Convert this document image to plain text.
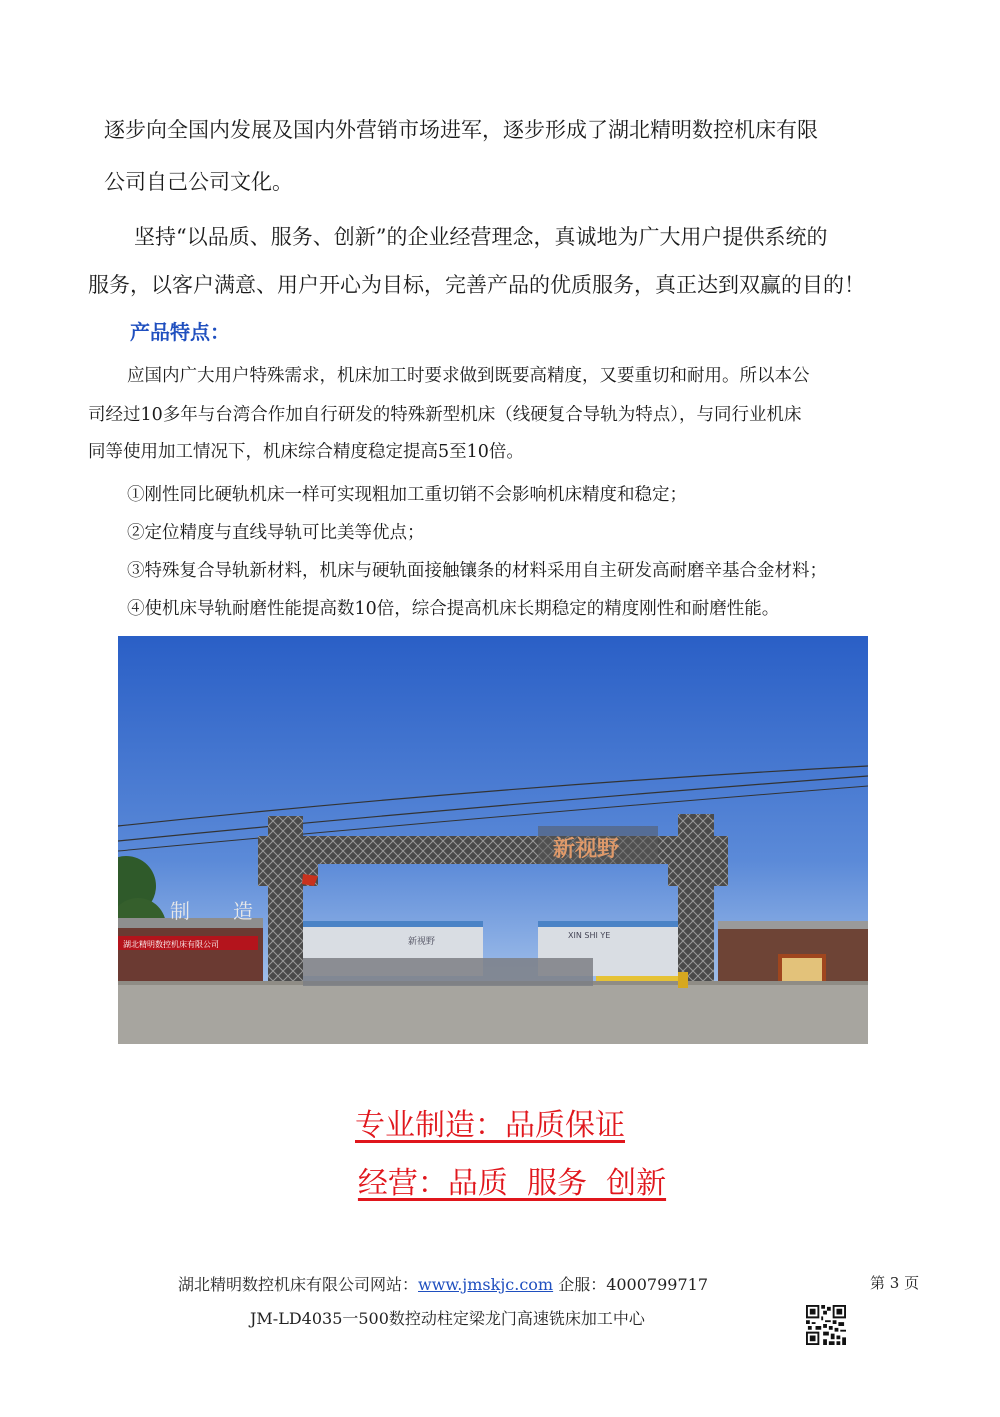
逐步向全国内发展及国内外营销市场进军，逐步形成了湖北精明数控机床有限

公司自己公司文化。

坚持“以品质、服务、创新”的企业经营理念，真诚地为广大用户提供系统的

服务，以客户满意、用户开心为目标，完善产品的优质服务，真正达到双赢的目的！

产品特点：

应国内广大用户特殊需求，机床加工时要求做到既要高精度，又要重切和耐用。所以本公

司经过10多年与台湾合作加自行研发的特殊新型机床（线硬复合导轨为特点），与同行业机床

同等使用加工情况下，机床综合精度稳定提高5至10倍。

①刚性同比硬轨机床一样可实现粗加工重切销不会影响机床精度和稳定；

②定位精度与直线导轨可比美等优点；

③特殊复合导轨新材料，机床与硬轨面接触镶条的材料采用自主研发高耐磨辛基合金材料；

④使机床导轨耐磨性能提高数10倍，综合提高机床长期稳定的精度刚性和耐磨性能。

新视野
XIN SHI YE
湖北精明数控机床有限公司
制 造
新视野

专业制造：品质保证

经营：品质  服务  创新

湖北精明数控机床有限公司网站：www.jmskjc.com 企服：4000799717	第 3 页
JM-LD4035一500数控动柱定梁龙门高速铣床加工中心
